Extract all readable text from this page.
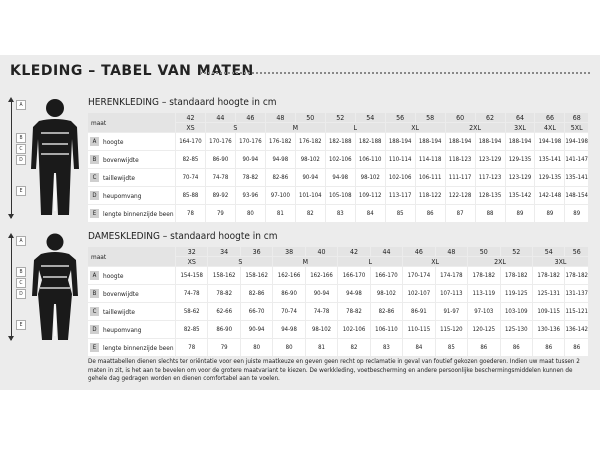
KLEDING – TABEL VAN MATEN
A
B
C
D
E
HERENKLEDING – standaard hoogte in cm
maat
42	44	46	48	50	52	54	56	58	60	62	64	66	68
XS	S	M	L	XL	2XL	3XL	4XL	5XL
A	hoogte	164-170	170-176	170-176	176-182	176-182	182-188	182-188	188-194	188-194	188-194	188-194	188-194	194-198 194-198
B	bovenwijdte	82-85	86-90	90-94	94-98	98-102	102-106	106-110	110-114	114-118	118-123	123-129	129-135	135-141 141-147
C	taillewijdte	70-74	74-78	78-82	82-86	90-94	94-98	98-102	102-106	106-111	111-117	117-123	123-129	129-135 135-141
D heupomvang	85-88	89-92	93-96	97-100	101-104	105-108	109-112	113-117	118-122	122-128	128-135	135-142	142-148 148-154
E	lengte binnenzijde been	78	79	80	81	82	83	84	85	86	87	88	89	89	89
A
B
C
D
E
DAMESKLEDING – standaard hoogte in cm
maat
32	34	36	38	40	42	44	46	48	50	52	54	56
XS	S	M	L	XL	2XL	3XL
A	hoogte	154-158	158-162	158-162	162-166	162-166	166-170	166-170	170-174	174-178	178-182	178-182	178-182 178-182
B	bovenwijdte	74-78	78-82	82-86	86-90	90-94	94-98	98-102	102-107	107-113	113-119	119-125	125-131 131-137
C	taillewijdte	58-62	62-66	66-70	70-74	74-78	78-82	82-86	86-91	91-97	97-103	103-109	109-115 115-121
D heupomvang	82-85	86-90	90-94	94-98	98-102	102-106	106-110	110-115	115-120	120-125	125-130	130-136 136-142
E	lengte binnenzijde been	78	79	80	80	81	82	83	84	85	86	86	86	86
De maattabellen dienen slechts ter oriëntatie voor een juiste maatkeuze en geven geen recht op reclamatie in geval van foutief gekozen goederen. Indien uw maat tussen 2 maten in zit, is het aan te bevelen om voor de grotere maatvariant te kiezen. De werkkleding, voetbescherming en andere persoonlijke beschermingsmiddelen kunnen de gehele dag gedragen worden en dienen comfortabel aan te voelen.
